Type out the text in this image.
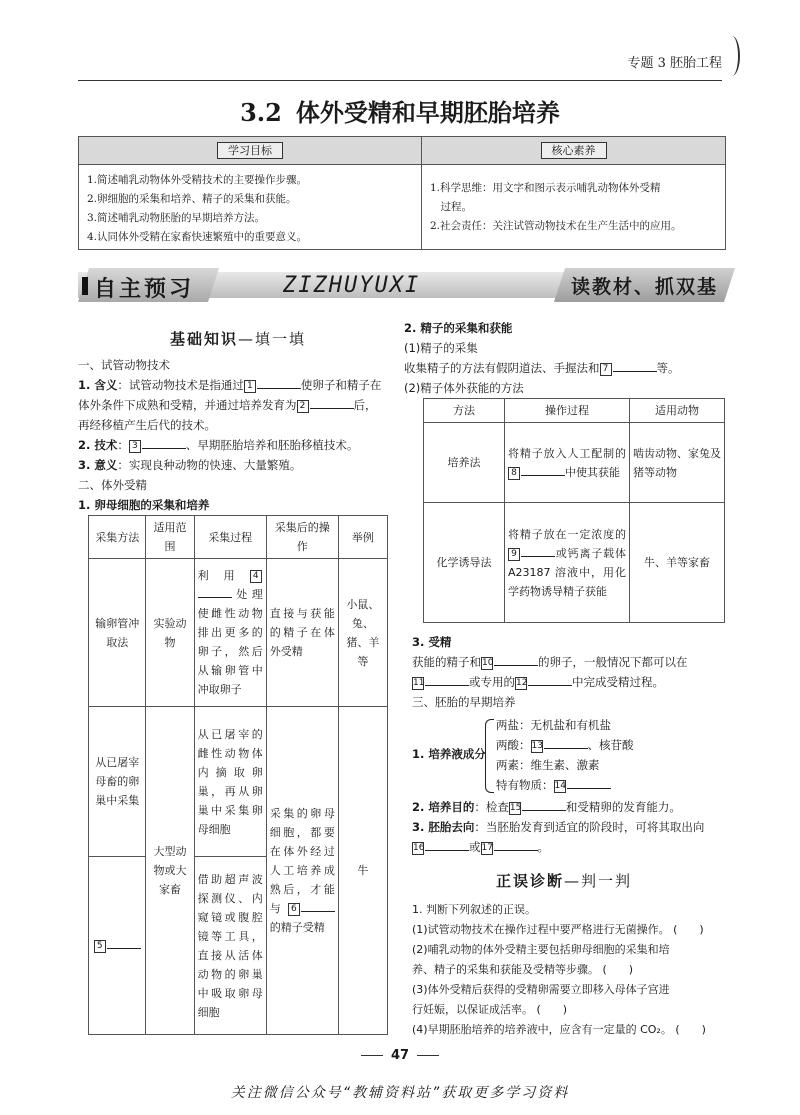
专题 3 胚胎工程
3.2 体外受精和早期胚胎培养
学习目标
1.简述哺乳动物体外受精技术的主要操作步骤。
2.卵细胞的采集和培养、精子的采集和获能。
3.简述哺乳动物胚胎的早期培养方法。
4.认同体外受精在家畜快速繁殖中的重要意义。
核心素养
1.科学思维：用文字和图示表示哺乳动物体外受精
　过程。
2.社会责任：关注试管动物技术在生产生活中的应用。
自主预习	ZIZHUYUXI	读教材、抓双基
基础知识—填一填
一、试管动物技术
1. 含义：试管动物技术是指通过 1	使卵子和精子在
体外条件下成熟和受精，并通过培养发育为 2	后，
再经移植产生后代的技术。
2. 技术： 3	、早期胚胎培养和胚胎移植技术。
3. 意义：实现良种动物的快速、大量繁殖。
二、体外受精
1. 卵母细胞的采集和培养
采集方法	适用范围	采集过程	采集后的操作	举例
输卵管冲取法	实验动物	利用 4处理使雌性动物排出更多的卵子，然后从输卵管中冲取卵子	直接与获能的精子在体外受精	小鼠、兔、猪、羊等
从已屠宰母畜的卵巢中采集	大型动物或大家畜	从已屠宰的雌性动物体内摘取卵巢，再从卵巢中采集卵母细胞	采集的卵母细胞，都要在体外经过人工培养成熟后，才能与 6的精子受精	牛
5		借助超声波探测仪、内窥镜或腹腔镜等工具，直接从活体动物的卵巢中吸取卵母细胞		
2. 精子的采集和获能
(1)精子的采集
收集精子的方法有假阴道法、手握法和 7	等。
(2)精子体外获能的方法
方法	操作过程	适用动物
培养法	将精子放入人工配制的8 中使其获能	啮齿动物、家兔及猪等动物
化学诱导法	将精子放在一定浓度的9 或钙离子载体 A23187 溶液中，用化学药物诱导精子获能	牛、羊等家畜
3. 受精
获能的精子和10	的卵子，一般情况下都可以在
11	或专用的12	中完成受精过程。
三、胚胎的早期培养
1. 培养液成分
两盐：无机盐和有机盐
两酸：13	、核苷酸
两素：维生素、激素
特有物质：14
2. 培养目的：检查15	和受精卵的发育能力。
3. 胚胎去向：当胚胎发育到适宜的阶段时，可将其取出向
16	或17	。
正误诊断—判一判
1. 判断下列叙述的正误。
(1)试管动物技术在操作过程中要严格进行无菌操作。 (　　)
(2)哺乳动物的体外受精主要包括卵母细胞的采集和培
养、精子的采集和获能及受精等步骤。 (　　)
(3)体外受精后获得的受精卵需要立即移入母体子宫进
行妊娠，以保证成活率。 (　　)
(4)早期胚胎培养的培养液中，应含有一定量的 CO₂。 (　　)
47
关注微信公众号“教辅资料站”获取更多学习资料
